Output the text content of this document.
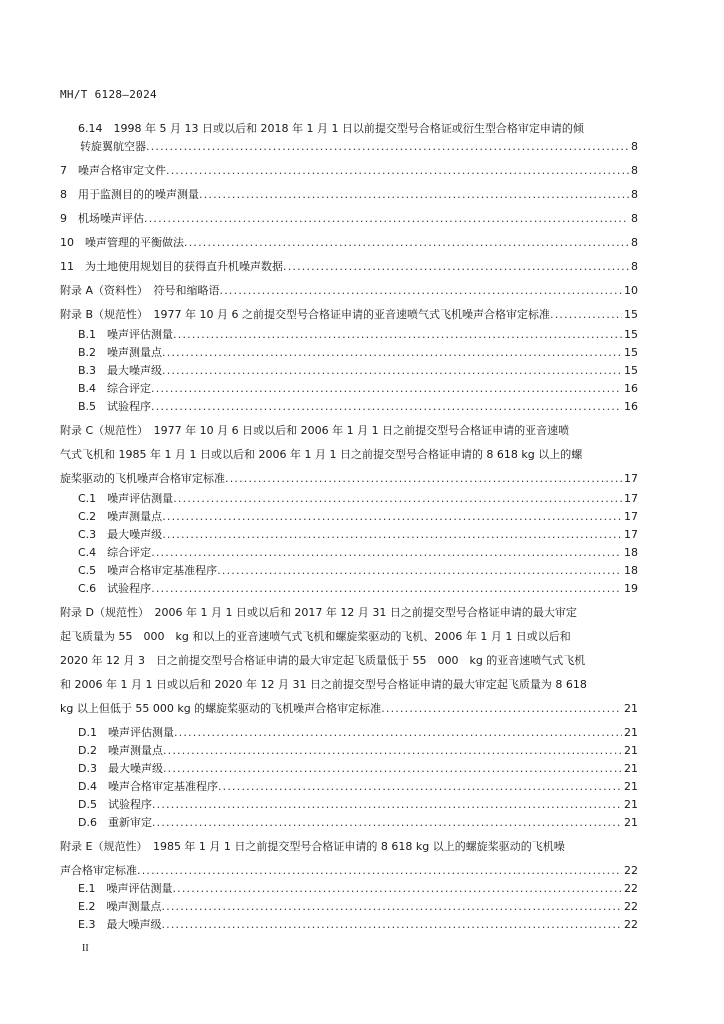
MH/T 6128—2024
6.14　1998 年 5 月 13 日或以后和 2018 年 1 月 1 日以前提交型号合格证或衍生型合格审定申请的倾
转旋翼航空器 .....	8
7　噪声合格审定文件 .....	8
8　用于监测目的的噪声测量 .....	8
9　机场噪声评估 .....	8
10　噪声管理的平衡做法 .....	8
11　为土地使用规划目的获得直升机噪声数据 .....	8
附录 A（资料性）　符号和缩略语 .....	10
附录 B（规范性）　1977 年 10 月 6 之前提交型号合格证申请的亚音速喷气式飞机噪声合格审定标准 .....	15
B.1　噪声评估测量 .....	15
B.2　噪声测量点 .....	15
B.3　最大噪声级 .....	15
B.4　综合评定 .....	16
B.5　试验程序 .....	16
附录 C（规范性）　1977 年 10 月 6 日或以后和 2006 年 1 月 1 日之前提交型号合格证申请的亚音速喷
气式飞机和 1985 年 1 月 1 日或以后和 2006 年 1 月 1 日之前提交型号合格证申请的 8 618 kg 以上的螺
旋桨驱动的飞机噪声合格审定标准 .....	17
C.1　噪声评估测量 .....	17
C.2　噪声测量点 .....	17
C.3　最大噪声级 .....	17
C.4　综合评定 .....	18
C.5　噪声合格审定基准程序 .....	18
C.6　试验程序 .....	19
附录 D（规范性）　2006 年 1 月 1 日或以后和 2017 年 12 月 31 日之前提交型号合格证申请的最大审定
起飞质量为 55　000　kg 和以上的亚音速喷气式飞机和螺旋桨驱动的飞机、2006 年 1 月 1 日或以后和
2020 年 12 月 3　日之前提交型号合格证申请的最大审定起飞质量低于 55　000　kg 的亚音速喷气式飞机
和 2006 年 1 月 1 日或以后和 2020 年 12 月 31 日之前提交型号合格证申请的最大审定起飞质量为 8 618
kg 以上但低于 55 000 kg 的螺旋桨驱动的飞机噪声合格审定标准 .....	21
D.1　噪声评估测量 .....	21
D.2　噪声测量点 .....	21
D.3　最大噪声级 .....	21
D.4　噪声合格审定基准程序 .....	21
D.5　试验程序 .....	21
D.6　重新审定 .....	21
附录 E（规范性）　1985 年 1 月 1 日之前提交型号合格证申请的 8 618 kg 以上的螺旋桨驱动的飞机噪
声合格审定标准 .....	22
E.1　噪声评估测量 .....	22
E.2　噪声测量点 .....	22
E.3　最大噪声级 .....	22
II
